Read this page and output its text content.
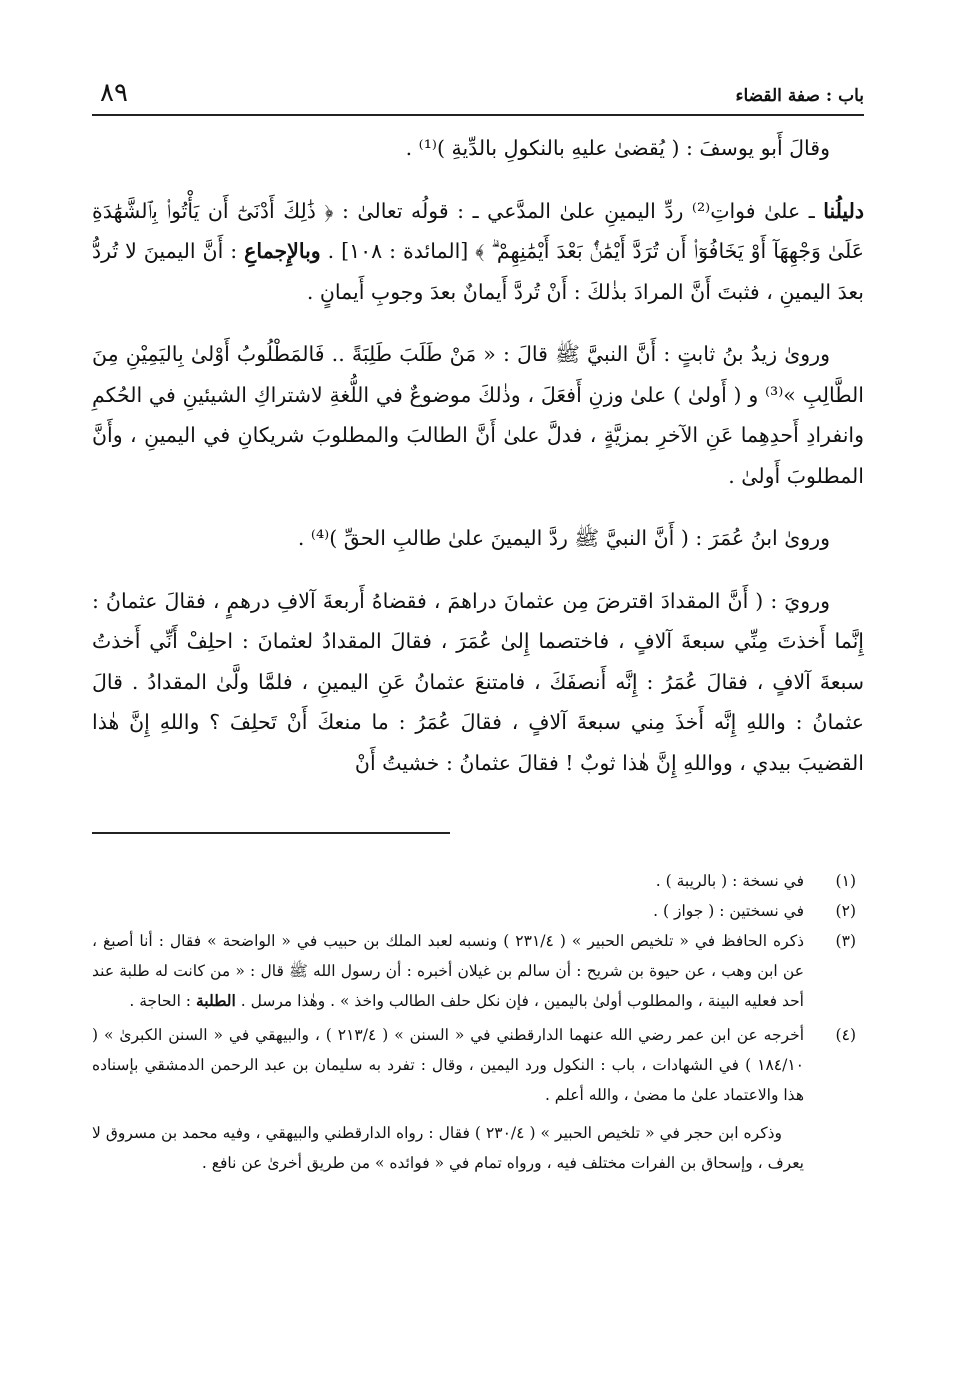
باب : صفة القضاء
٨٩

وقالَ أَبو يوسفَ : ( يُقضىٰ عليهِ بالنكولِ بالدِّيةِ )⁽¹⁾ .

دليلُنا ـ علىٰ فواتِ⁽²⁾ ردِّ اليمينِ علىٰ المدَّعي ـ : قولُه تعالىٰ : ﴿ ذَٰلِكَ أَدْنَىٰٓ أَن يَأْتُوا۟ بِٱلشَّهَٰدَةِ عَلَىٰ وَجْهِهَآ أَوْ يَخَافُوٓا۟ أَن تُرَدَّ أَيْمَٰنٌۢ بَعْدَ أَيْمَٰنِهِمْ ۗ ﴾ [المائدة : ١٠٨] . وبالإِجماعِ : أَنَّ اليمينَ لا تُردُّ بعدَ اليمينِ ، فثبتَ أَنَّ المرادَ بذٰلكَ : أَنْ تُردَّ أَيمانٌ بعدَ وجوبِ أَيمانٍ .

وروىٰ زيدُ بنُ ثابتٍ : أَنَّ النبيَّ ﷺ قالَ : « مَنْ طَلَبَ طَلِبَةً .. فَالمَطْلُوبُ أَوْلىٰ بِاليَمِيْنِ مِنَ الطَّالِبِ »⁽³⁾ و ( أَولىٰ ) علىٰ وزنِ أَفعَلَ ، وذٰلكَ موضوعٌ في اللُّغةِ لاشتراكِ الشيئينِ في الحُكمِ وانفرادِ أَحدِهِما عَنِ الآخرِ بمزيَّةٍ ، فدلَّ علىٰ أَنَّ الطالبَ والمطلوبَ شريكانِ في اليمينِ ، وأَنَّ المطلوبَ أَولىٰ .

وروىٰ ابنُ عُمَرَ : ( أَنَّ النبيَّ ﷺ ردَّ اليمينَ علىٰ طالبِ الحقِّ )⁽⁴⁾ .

ورويَ : ( أَنَّ المقدادَ اقترضَ مِن عثمانَ دراهمَ ، فقضاهُ أَربعةَ آلافِ درهمٍ ، فقالَ عثمانُ : إِنَّما أَخذتَ مِنِّي سبعةَ آلافٍ ، فاختصما إِلىٰ عُمَرَ ، فقالَ المقدادُ لعثمانَ : احلِفْ أَنِّي أَخذتُ سبعةَ آلافٍ ، فقالَ عُمَرُ : إِنَّه أَنصفَكَ ، فامتنعَ عثمانُ عَنِ اليمينِ ، فلمَّا ولَّىٰ المقدادُ . قالَ عثمانُ : واللهِ إِنَّه أَخذَ مِني سبعةَ آلافٍ ، فقالَ عُمَرُ : ما منعكَ أَنْ تَحلِفَ ؟ واللهِ إِنَّ هٰذا القضيبَ بيدي ، وواللهِ إِنَّ هٰذا ثوبٌ ! فقالَ عثمانُ : خشيتُ أَنْ

(١)

في نسخة : ( بالريبة ) .

(٢)

في نسختين : ( جواز ) .

(٣)

ذكره الحافظ في « تلخيص الحبير » ( ٢٣١/٤ ) ونسبه لعبد الملك بن حبيب في « الواضحة » فقال : أنا أصبغ ، عن ابن وهب ، عن حيوة بن شريح : أن سالم بن غيلان أخبره : أن رسول الله ﷺ قال : « من كانت له طلبة عند أحد فعليه البينة ، والمطلوب أولىٰ باليمين ، فإن نكل حلف الطالب واخذ » . وهٰذا مرسل . الطلبة : الحاجة .

(٤)

أخرجه عن ابن عمر رضي الله عنهما الدارقطني في « السنن » ( ٢١٣/٤ ) ، والبيهقي في « السنن الكبرىٰ » ( ١٨٤/١٠ ) في الشهادات ، باب : النكول ورد اليمين ، وقال : تفرد به سليمان بن عبد الرحمن الدمشقي بإسناده هذا والاعتماد علىٰ ما مضىٰ ، والله أعلم .

وذكره ابن حجر في « تلخيص الحبير » ( ٢٣٠/٤ ) فقال : رواه الدارقطني والبيهقي ، وفيه محمد بن مسروق لا يعرف ، وإسحاق بن الفرات مختلف فيه ، ورواه تمام في « فوائده » من طريق أخرىٰ عن نافع .
